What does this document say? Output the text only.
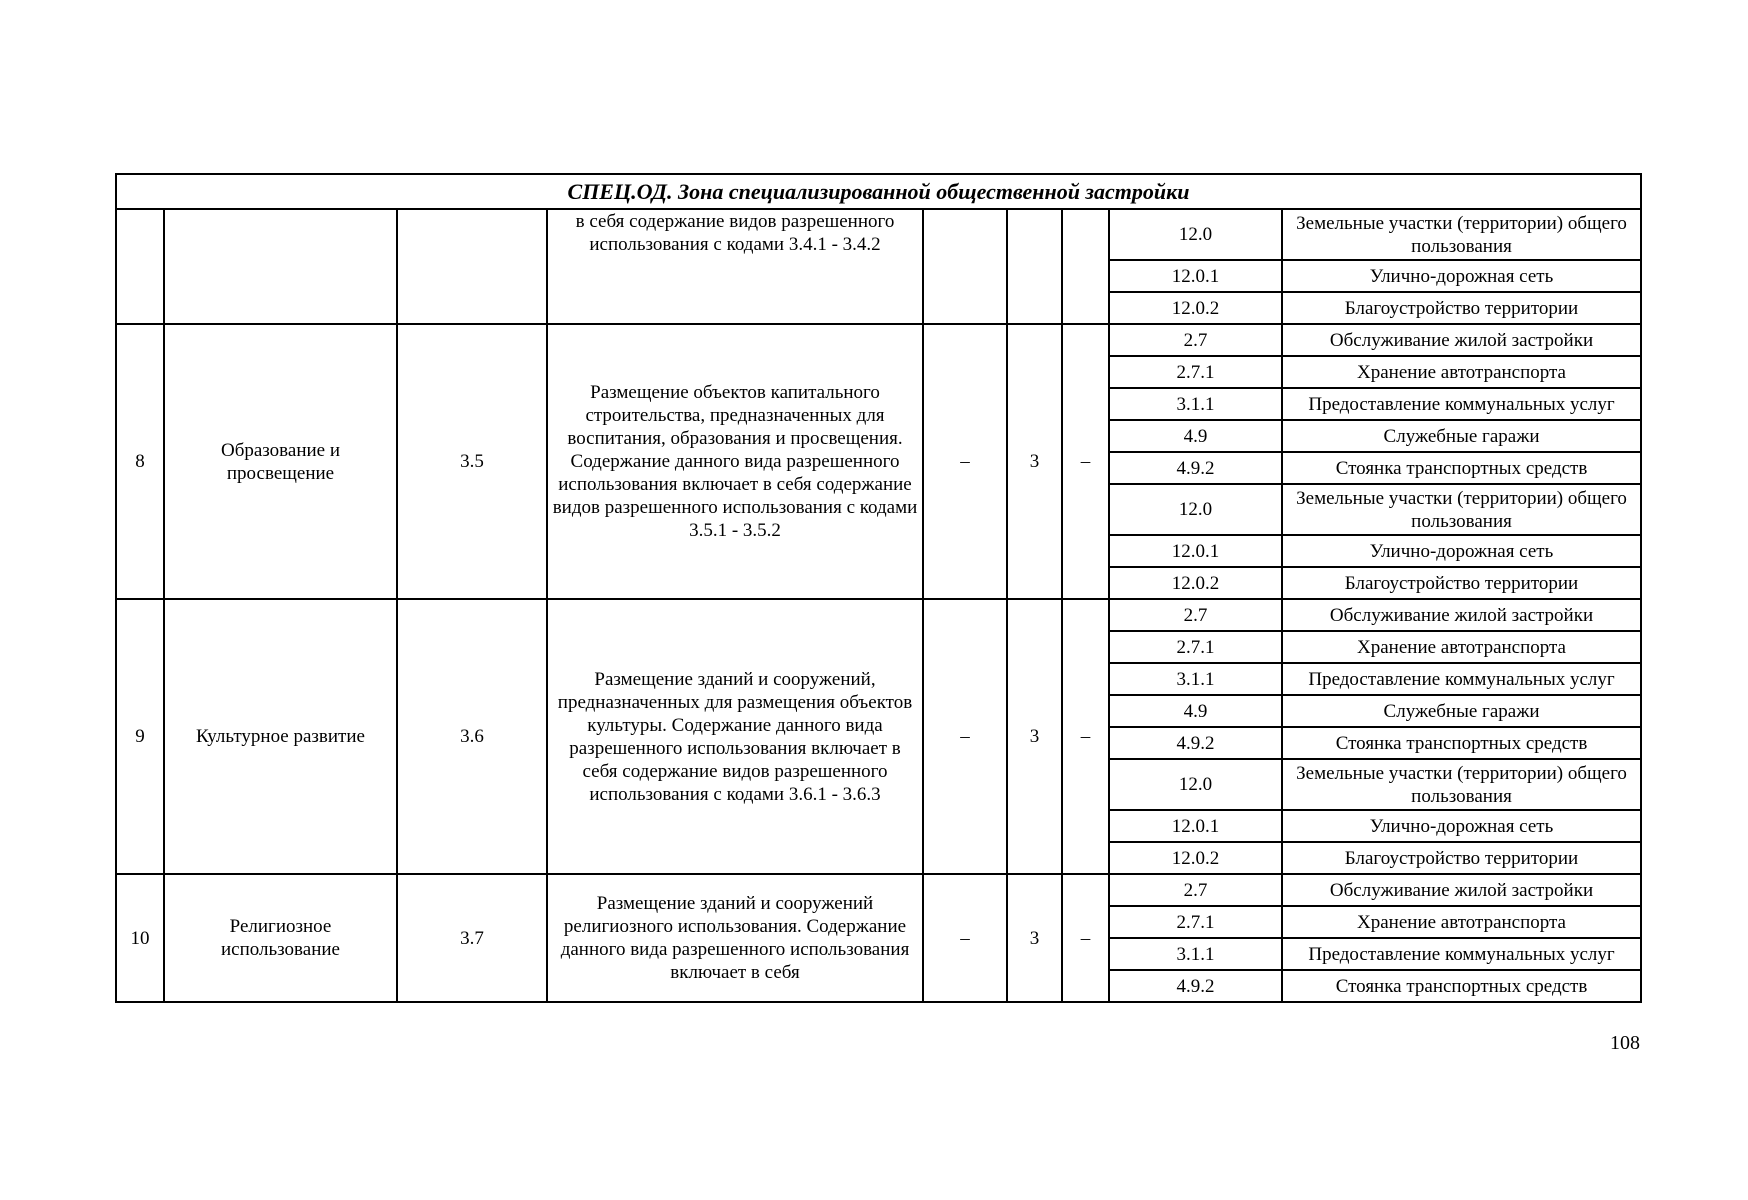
СПЕЦ.ОД. Зона специализированной общественной застройки								
			в себя содержание видов разрешенного использования с кодами 3.4.1 - 3.4.2				12.0	Земельные участки (территории) общего пользования
							12.0.1	Улично-дорожная сеть
							12.0.2	Благоустройство территории
8	Образование и просвещение	3.5	Размещение объектов капитального строительства, предназначенных для воспитания, образования и просвещения. Содержание данного вида разрешенного использования включает в себя содержание видов разрешенного использования с кодами 3.5.1 - 3.5.2	–	3	–	2.7	Обслуживание жилой застройки
							2.7.1	Хранение автотранспорта
							3.1.1	Предоставление коммунальных услуг
							4.9	Служебные гаражи
							4.9.2	Стоянка транспортных средств
							12.0	Земельные участки (территории) общего пользования
							12.0.1	Улично-дорожная сеть
							12.0.2	Благоустройство территории
9	Культурное развитие	3.6	Размещение зданий и сооружений, предназначенных для размещения объектов культуры. Содержание данного вида разрешенного использования включает в себя содержание видов разрешенного использования с кодами 3.6.1 - 3.6.3	–	3	–	2.7	Обслуживание жилой застройки
							2.7.1	Хранение автотранспорта
							3.1.1	Предоставление коммунальных услуг
							4.9	Служебные гаражи
							4.9.2	Стоянка транспортных средств
							12.0	Земельные участки (территории) общего пользования
							12.0.1	Улично-дорожная сеть
							12.0.2	Благоустройство территории
10	Религиозное использование	3.7	Размещение зданий и сооружений религиозного использования. Содержание данного вида разрешенного использования включает в себя	–	3	–	2.7	Обслуживание жилой застройки
							2.7.1	Хранение автотранспорта
							3.1.1	Предоставление коммунальных услуг
							4.9.2	Стоянка транспортных средств
108
